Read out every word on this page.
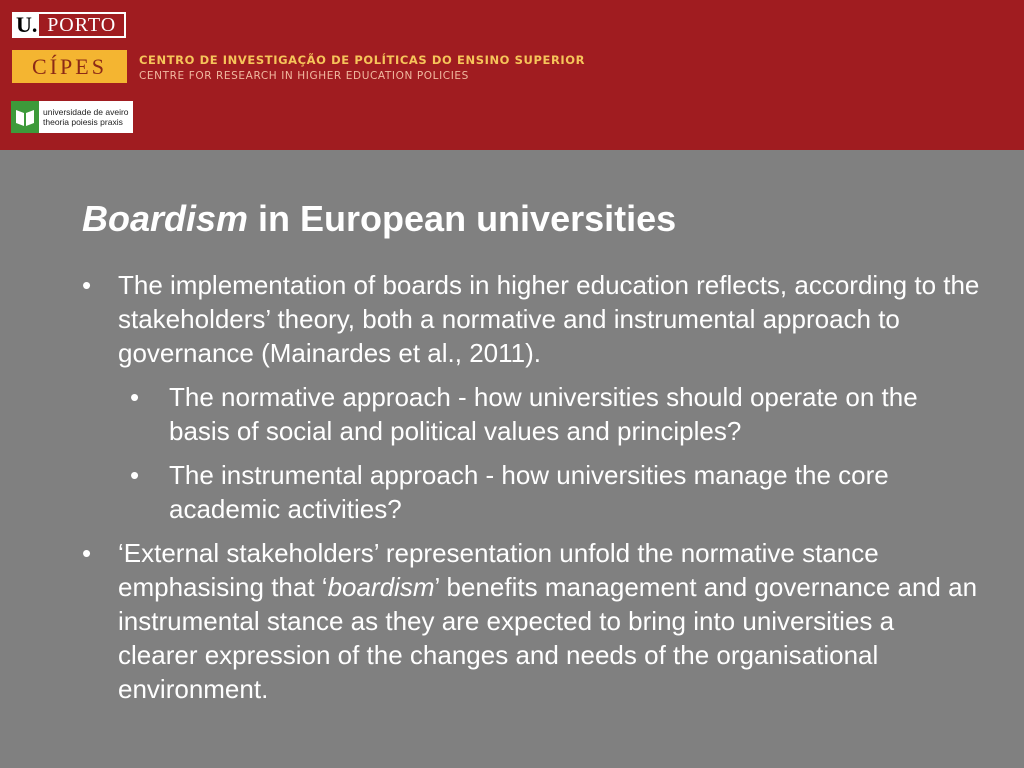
U. PORTO
CÍPES	CENTRO DE INVESTIGAÇÃO DE POLÍTICAS DO ENSINO SUPERIOR
CENTRE FOR RESEARCH IN HIGHER EDUCATION POLICIES
universidade de aveiro
theoria poiesis praxis
Boardism in European universities
• The implementation of boards in higher education reflects, according to the stakeholders’ theory, both a normative and instrumental approach to governance (Mainardes et al., 2011).
• The normative approach - how universities should operate on the basis of social and political values and principles?
• The instrumental approach - how universities manage the core academic activities?
• ‘External stakeholders’ representation unfold the normative stance emphasising that ‘boardism’ benefits management and governance and an instrumental stance as they are expected to bring into universities a clearer expression of the changes and needs of the organisational environment.
